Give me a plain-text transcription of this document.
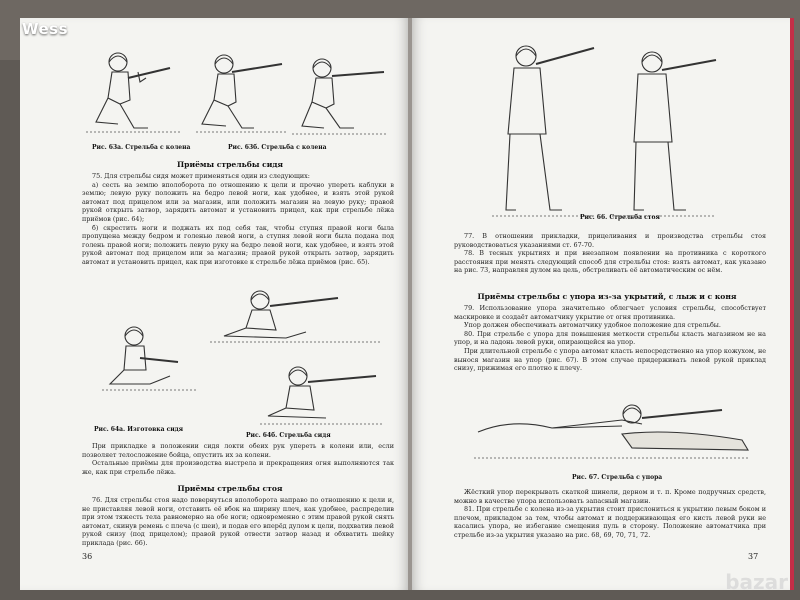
Рис. 63а. Стрельба с колена	Рис. 63б. Стрельба с колена
Приёмы стрельбы сидя

75. Для стрельбы сидя может применяться один из следующих:

а) сесть на землю вполоборота по отношению к цели и прочно упереть каблуки в землю; левую руку положить на бедро левой ноги, как удобнее, и взять этой рукой автомат под прицелом или за магазин, или положить магазин на левую руку; правой рукой открыть затвор, зарядить автомат и установить прицел, как при стрельбе лёжа приёмов (рис. 64);

б) скрестить ноги и поджать их под себя так, чтобы ступня правой ноги была пропущена между бедром и голенью левой ноги, а ступня левой ноги была подана под голень правой ноги; положить левую руку на бедро левой ноги, как удобнее, и взять этой рукой автомат под прицелом или за магазин; правой рукой открыть затвор, зарядить автомат и установить прицел, как при изготовке к стрельбе лёжа приёмов (рис. 65).

Рис. 64а. Изготовка сидя
Рис. 64б. Стрельба сидя

При прикладке в положении сидя локти обеих рук упереть в колени или, если позволяет телосложение бойца, опустить их за колени.

Остальные приёмы для производства выстрела и прекращения огня выполняются так же, как при стрельбе лёжа.

Приёмы стрельбы стоя

76. Для стрельбы стоя надо повернуться вполоборота направо по отношению к цели и, не приставляя левой ноги, отставить её вбок на ширину плеч, как удобнее, распределив при этом тяжесть тела равномерно на обе ноги; одновременно с этим правой рукой снять автомат, скинув ремень с плеча (с шеи), и подав его вперёд дулом к цели, подхватив левой рукой снизу (под прицелом); правой рукой отвести затвор назад и обхватить шейку приклада (рис. 66).

36
Рис. 66. Стрельба стоя

77. В отношении прикладки, прицеливания и производства стрельбы стоя руководствоваться указаниями ст. 67-70.

78. В тесных укрытиях и при внезапном появлении на противника с короткого расстояния при менять следующий способ для стрельбы стоя: взять автомат, как указано на рис. 73, направляя дулом на цель, обстреливать её автоматическим ос нём.

Приёмы стрельбы с упора из-за укрытий, с лыж и с коня

79. Использование упора значительно облегчает условия стрельбы, способствует маскировке и создаёт автоматчику укрытие от огня противника.

Упор должен обеспечивать автоматчику удобное положение для стрельбы.

80. При стрельбе с упора для повышения меткости стрельбы класть магазином не на упор, и на ладонь левой руки, опирающейся на упор.

При длительной стрельбе с упора автомат класть непосредственно на упор кожухом, не вынося магазин на упор (рис. 67). В этом случае придерживать левой рукой приклад снизу, прижимая его плотно к плечу.

Рис. 67. Стрельба с упора

Жёсткий упор перекрывать скаткой шинели, дерном и т. п. Кроме подручных средств, можно в качестве упора использовать запасный магазин.

81. При стрельбе с колена из-за укрытия стоит прислониться к укрытию левым боком и плечом, прикладом за тем, чтобы автомат и поддерживающая его кисть левой руки не касались упора, не избегание смещения пуль в сторону. Положение автоматчика при стрельбе из-за укрытия указано на рис. 68, 69, 70, 71, 72.

37
Wess
bazar
